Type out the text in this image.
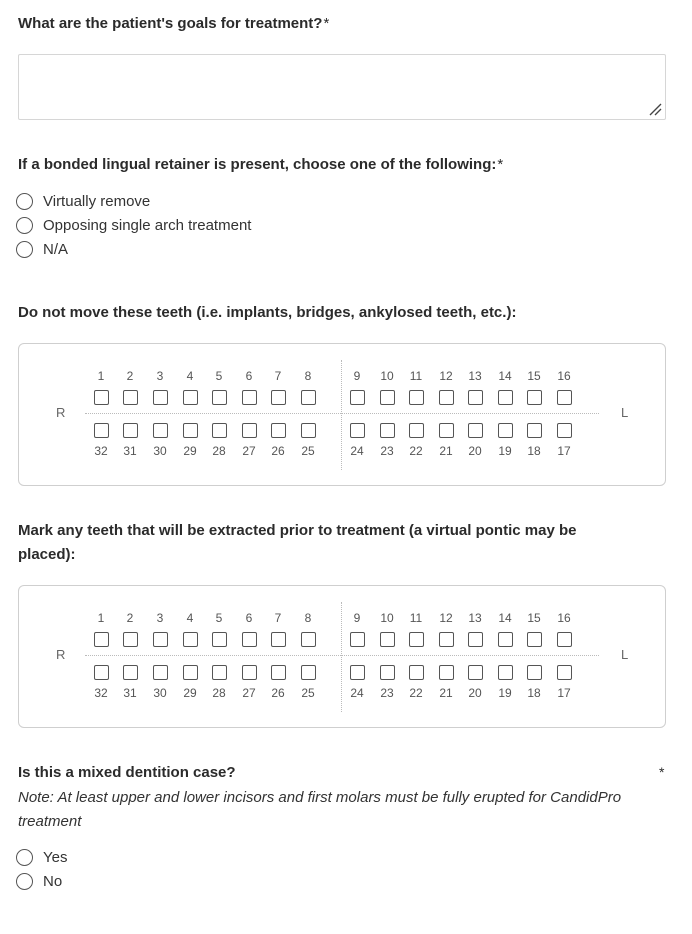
What are the patient's goals for treatment?*
If a bonded lingual retainer is present, choose one of the following:*
Virtually remove
Opposing single arch treatment
N/A
Do not move these teeth (i.e. implants, bridges, ankylosed teeth, etc.):
R	L
1	2	3	4	5	6	7	8	9	10	11	12 13 14 15 16
32 31 30 29 28 27 26 25	24 23 22 21 20 19 18 17
Mark any teeth that will be extracted prior to treatment (a virtual pontic may be placed):
R	L
1	2	3	4	5	6	7	8	9	10	11	12 13 14 15 16
32 31 30 29 28 27 26 25	24 23 22 21 20 19 18 17
Is this a mixed dentition case?	*
Note: At least upper and lower incisors and first molars must be fully erupted for CandidPro treatment
Yes
No
